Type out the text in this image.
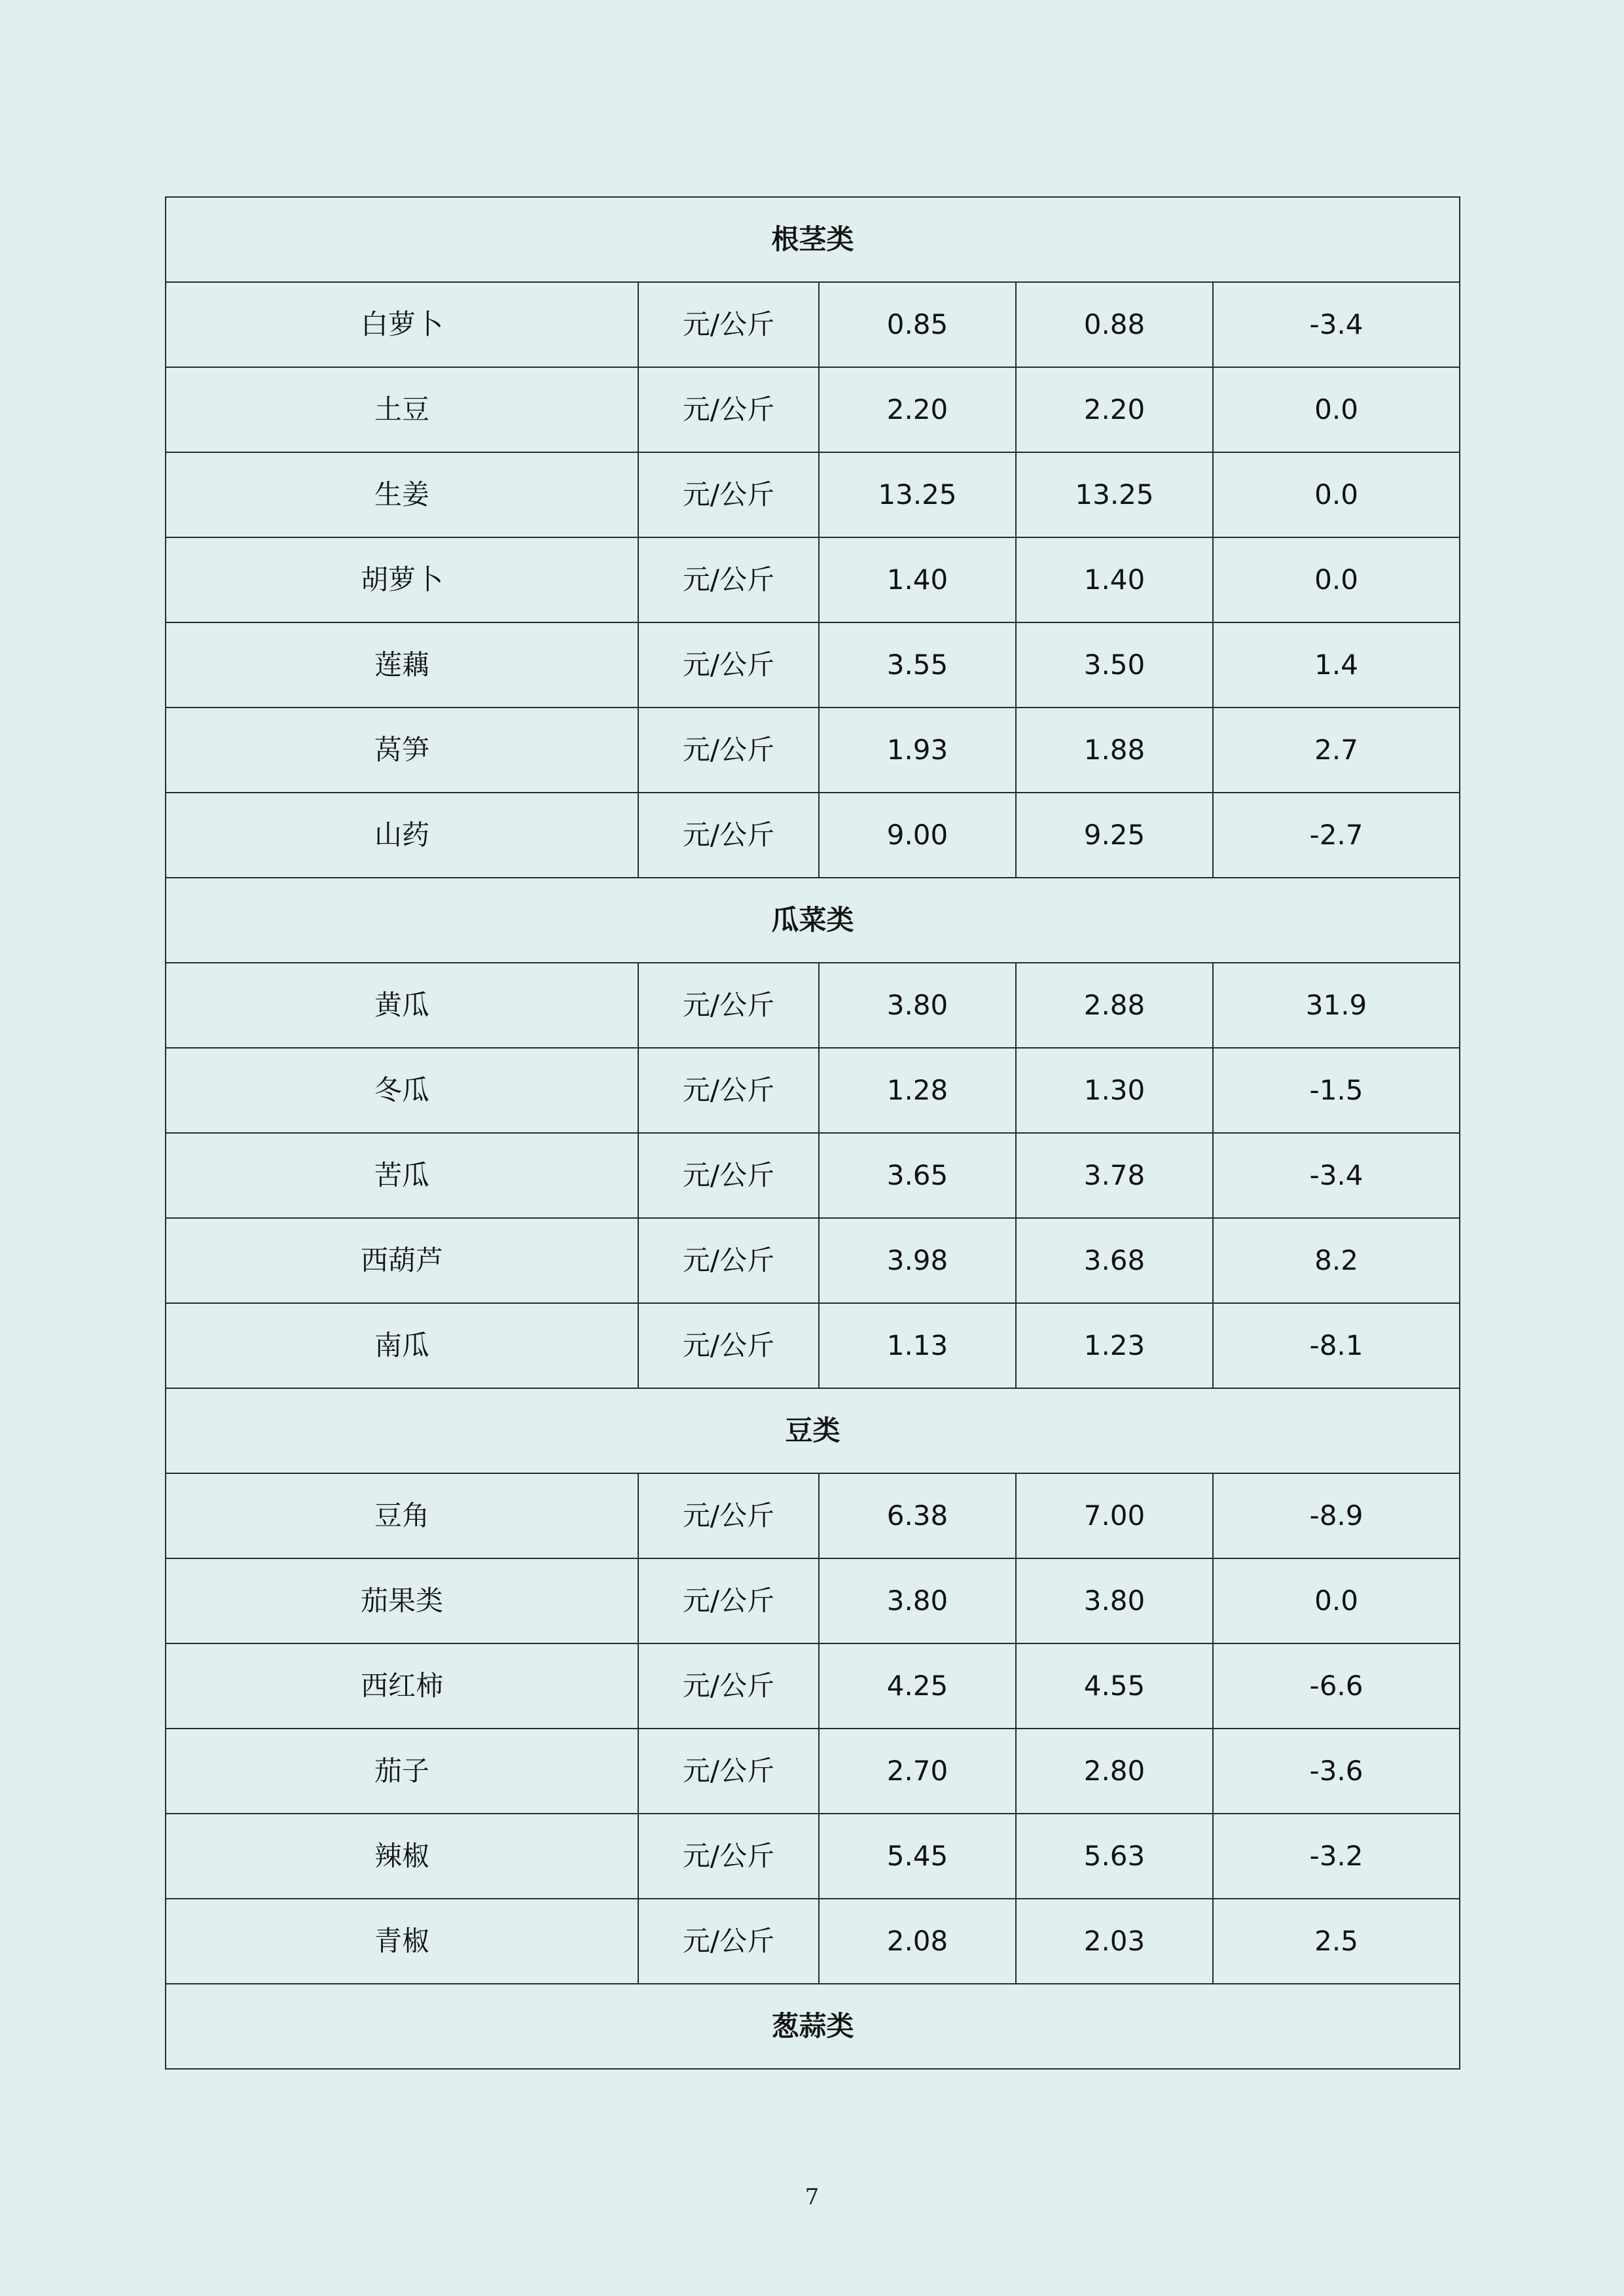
根茎类				
白萝卜	元/公斤	0.85	0.88	-3.4
土豆	元/公斤	2.20	2.20	0.0
生姜	元/公斤	13.25	13.25	0.0
胡萝卜	元/公斤	1.40	1.40	0.0
莲藕	元/公斤	3.55	3.50	1.4
莴笋	元/公斤	1.93	1.88	2.7
山药	元/公斤	9.00	9.25	-2.7
瓜菜类				
黄瓜	元/公斤	3.80	2.88	31.9
冬瓜	元/公斤	1.28	1.30	-1.5
苦瓜	元/公斤	3.65	3.78	-3.4
西葫芦	元/公斤	3.98	3.68	8.2
南瓜	元/公斤	1.13	1.23	-8.1
豆类				
豆角	元/公斤	6.38	7.00	-8.9
茄果类	元/公斤	3.80	3.80	0.0
西红柿	元/公斤	4.25	4.55	-6.6
茄子	元/公斤	2.70	2.80	-3.6
辣椒	元/公斤	5.45	5.63	-3.2
青椒	元/公斤	2.08	2.03	2.5
葱蒜类				
7
